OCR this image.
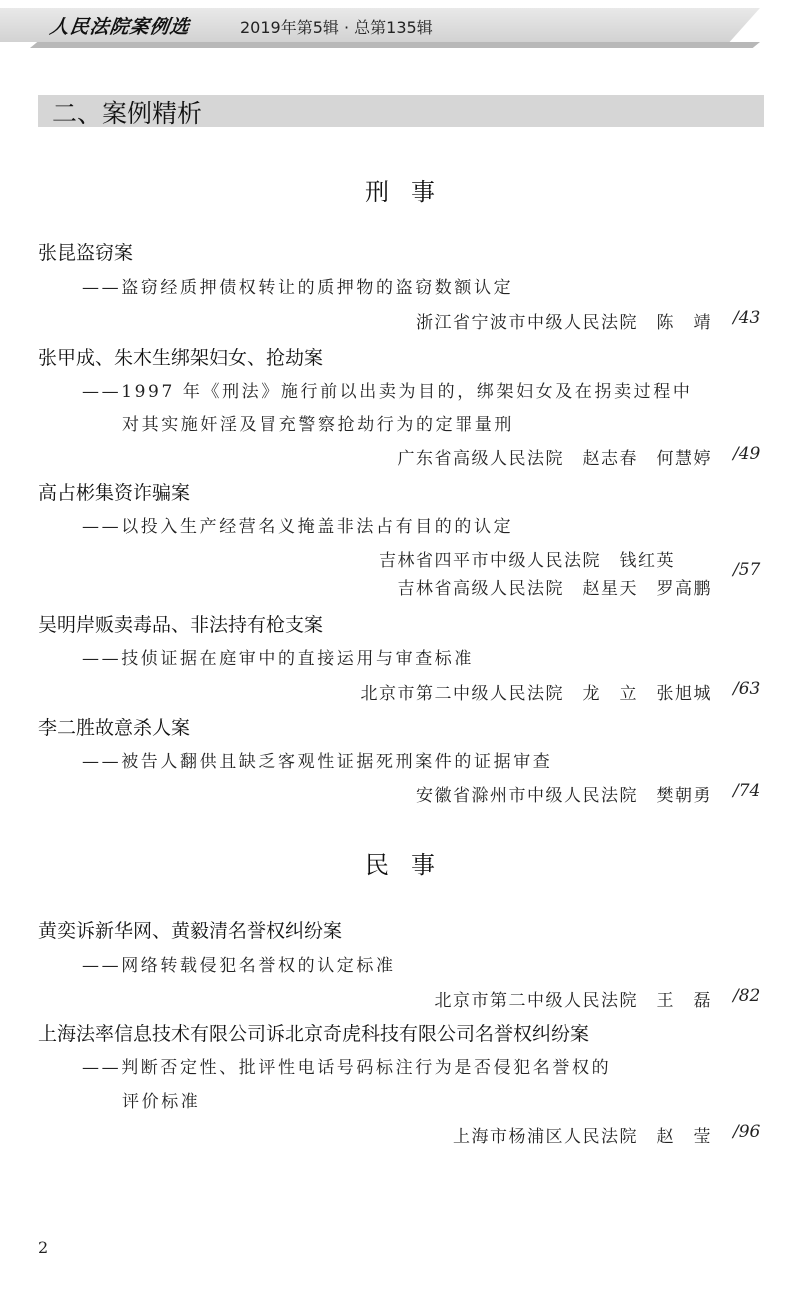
人民法院案例选	2019年第5辑 · 总第135辑
二、案例精析
刑事
张昆盗窃案
——盗窃经质押债权转让的质押物的盗窃数额认定
浙江省宁波市中级人民法院　陈　靖 /43
张甲成、朱木生绑架妇女、抢劫案
——1997 年《刑法》施行前以出卖为目的，绑架妇女及在拐卖过程中
对其实施奸淫及冒充警察抢劫行为的定罪量刑
广东省高级人民法院　赵志春　何慧婷 /49
高占彬集资诈骗案
——以投入生产经营名义掩盖非法占有目的的认定
吉林省四平市中级人民法院　钱红英　　
吉林省高级人民法院　赵星天　罗高鹏
/57
吴明岸贩卖毒品、非法持有枪支案
——技侦证据在庭审中的直接运用与审查标准
北京市第二中级人民法院　龙　立　张旭城 /63
李二胜故意杀人案
——被告人翻供且缺乏客观性证据死刑案件的证据审查
安徽省滁州市中级人民法院　樊朝勇 /74
民事
黄奕诉新华网、黄毅清名誉权纠纷案
——网络转载侵犯名誉权的认定标准
北京市第二中级人民法院　王　磊 /82
上海法率信息技术有限公司诉北京奇虎科技有限公司名誉权纠纷案
——判断否定性、批评性电话号码标注行为是否侵犯名誉权的
评价标准
上海市杨浦区人民法院　赵　莹 /96
2
